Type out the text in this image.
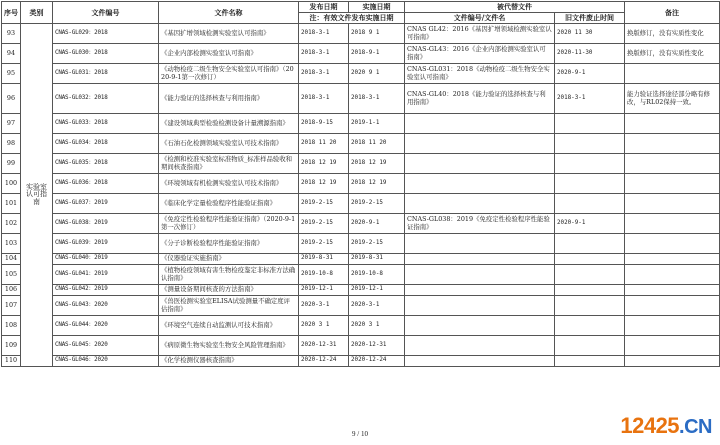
序号	类别	文件编号	文件名称	发布日期	实施日期	被代替文件		备注
				注：有效文件发布实施日期		文件编号/文件名	旧文件废止时间	
93	实验室认可指南	CNAS-GL029：2018	《基因扩增领域检测实验室认可指南》	2018-3-1	2018 9 1	CNAS GL42：2016《基因扩增领域检测实验室认可指南》	2020 11 30	换版修订，没有实质性变化
94		CNAS-GL030：2018	《企业内部检测实验室认可指南》	2018-3-1	2018-9-1	CNAS-GL43：2016《企业内部检测实验室认可指南》	2020-11-30	换版修订，没有实质性变化
95		CNAS-GL031：2018	《动物检疫二级生物安全实验室认可指南》（2020-9-1第一次修订）	2018-3-1	2020 9 1	CNAS-GL031：2018《动物检疫二级生物安全实验室认可指南》	2020-9-1	
96		CNAS-GL032：2018	《能力验证的选择核查与利用指南》	2018-3-1	2018-3-1	CNAS-GL40：2018《能力验证的选择核查与利用指南》	2018-3-1	能力验证选择途径部分略有修改，与RL02保持一致。
97		CNAS-GL033：2018	《建设领域典型检验检测设备计量溯源指南》	2018-9-15	2019-1-1			
98		CNAS-GL034：2018	《石油石化检测领域实验室认可技术指南》	2018 11 20	2018 11 20			
99		CNAS-GL035：2018	《检测和校准实验室标准物质_标准样品验收和期间核查指南》	2018 12 19	2018 12 19			
100		CNAS-GL036：2018	《环境领域有机检测实验室认可技术指南》	2018 12 19	2018 12 19			
101		CNAS-GL037：2019	《临床化学定量检验程序性能验证指南》	2019-2-15	2019-2-15			
102		CNAS-GL038：2019	《免疫定性检验程序性能验证指南》（2020-9-1第一次修订）	2019-2-15	2020-9-1	CNAS-GL038：2019《免疫定性检验程序性能验证指南》	2020-9-1	
103		CNAS-GL039：2019	《分子诊断检验程序性能验证指南》	2019-2-15	2019-2-15			
104		CNAS-GL040：2019	《仪器验证实施指南》	2019-8-31	2019-8-31			
105		CNAS-GL041：2019	《植物检疫领域有害生物检疫鉴定非标准方法确认指南》	2019-10-8	2019-10-8			
106		CNAS-GL042：2019	《测量设备期间核查的方法指南》	2019-12-1	2019-12-1			
107		CNAS-GL043：2020	《兽医检测实验室ELISA试验测量不确定度评估指南》	2020-3-1	2020-3-1			
108		CNAS-GL044：2020	《环境空气连续自动监测认可技术指南》	2020 3 1	2020 3 1			
109		CNAS-GL045：2020	《病原微生物实验室生物安全风险管理指南》	2020-12-31	2020-12-31			
110		CNAS-GL046：2020	《化学检测仪器核查指南》	2020-12-24	2020-12-24			
9 / 10	12425.CN
